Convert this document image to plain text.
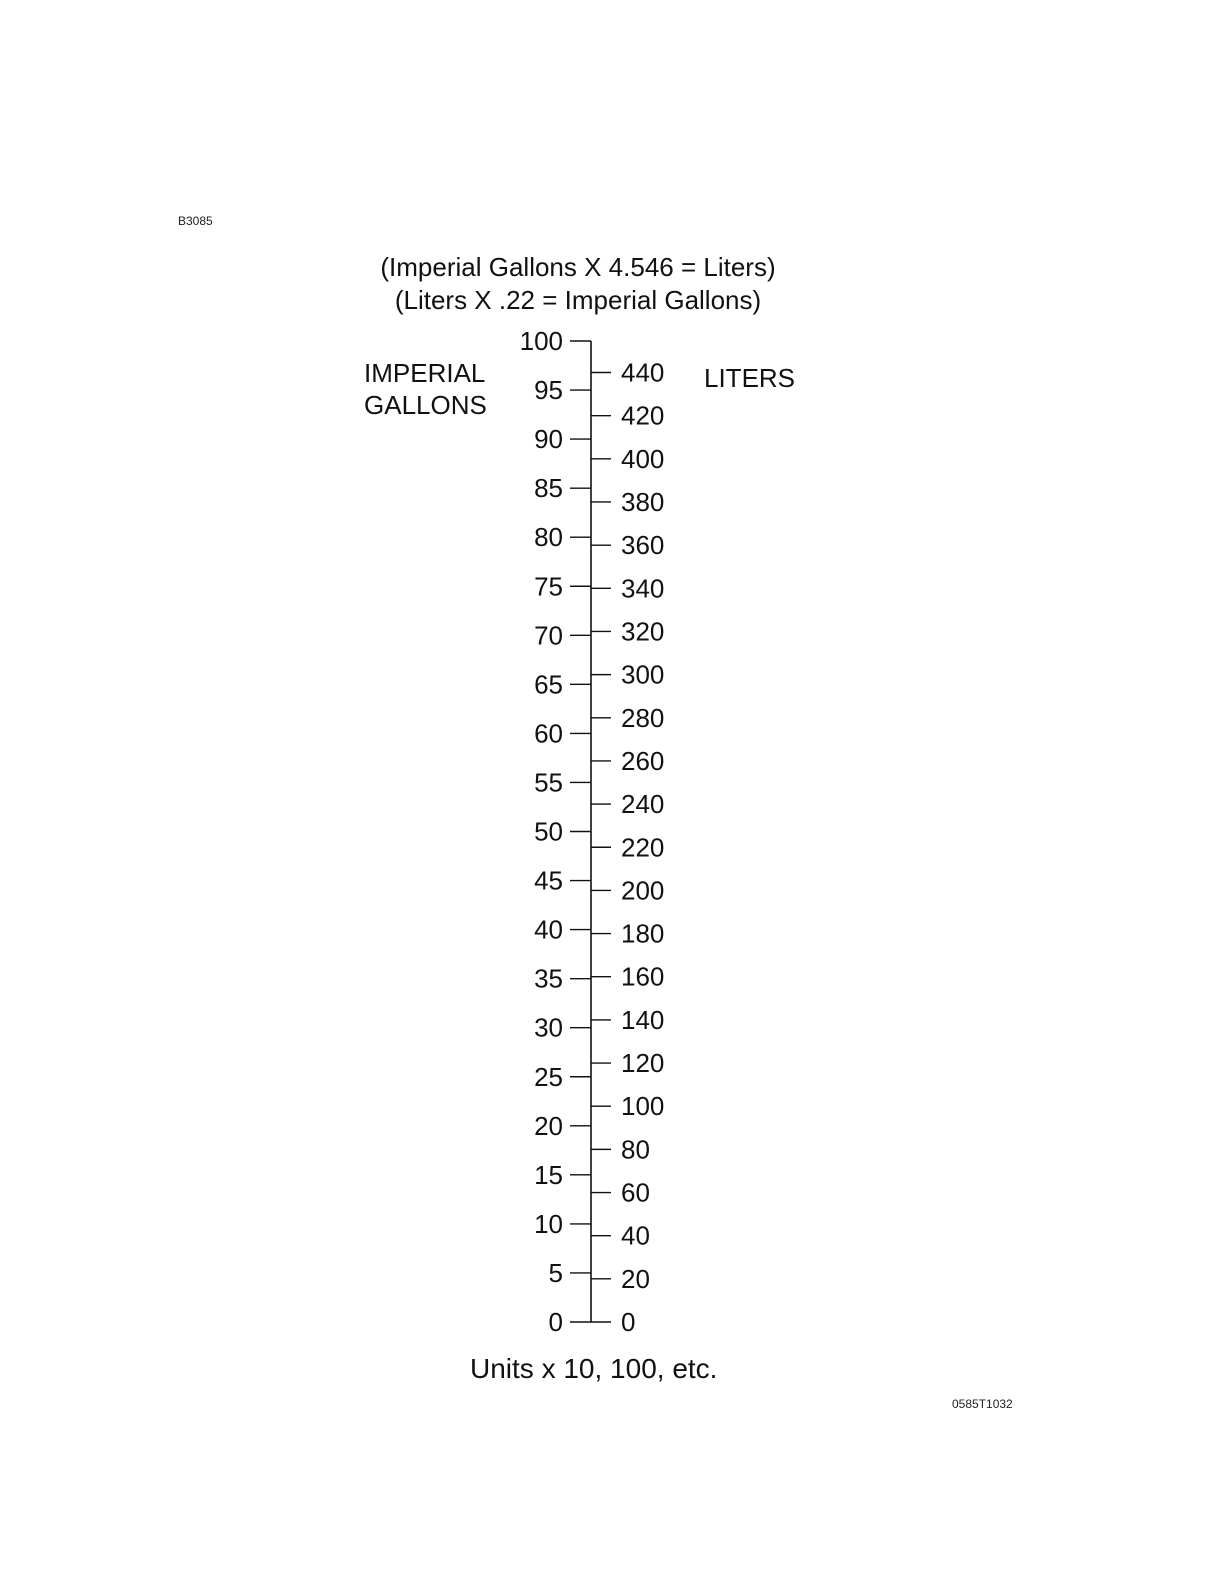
B3085
(Imperial Gallons X 4.546 = Liters)
(Liters X .22 = Imperial Gallons)
IMPERIAL
GALLONS
LITERS
0
5
10
15
20
25
30
35
40
45
50
55
60
65
70
75
80
85
90
95
100
0
20
40
60
80
100
120
140
160
180
200
220
240
260
280
300
320
340
360
380
400
420
440
Units x 10, 100, etc.
0585T1032
